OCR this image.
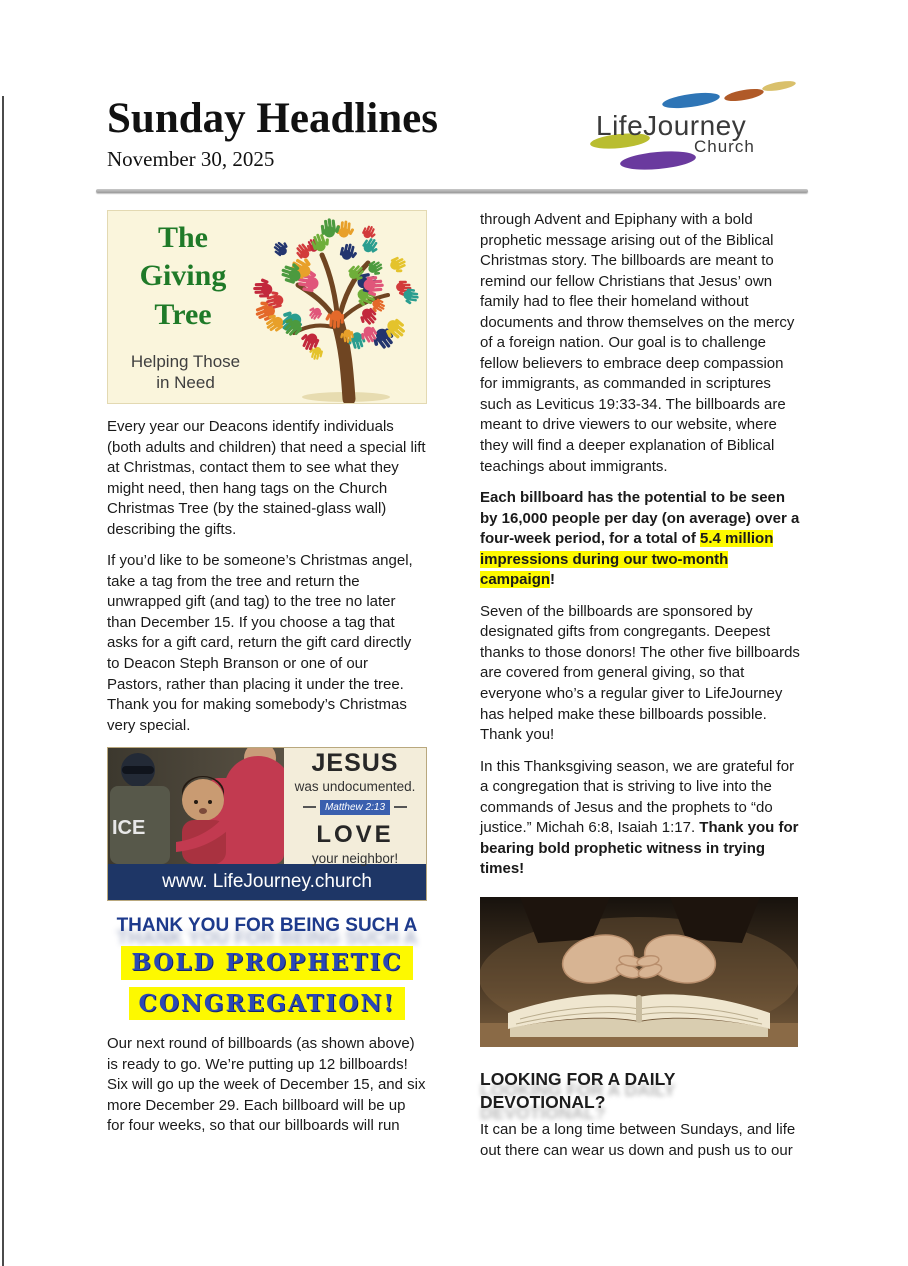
Sunday Headlines
November 30, 2025
LifeJourney
Church
The
Giving
Tree
Helping Those
in Need

Every year our Deacons identify individuals (both adults and children) that need a special lift at Christmas, contact them to see what they might need, then hang tags on the Church Christmas Tree (by the stained-glass wall) describing the gifts.

If you’d like to be someone’s Christmas angel, take a tag from the tree and return the unwrapped gift (and tag) to the tree no later than December 15. If you choose a tag that asks for a gift card, return the gift card directly to Deacon Steph Branson or one of our Pastors, rather than placing it under the tree. Thank you for making somebody’s Christmas very special.

ICE
JESUS
was undocumented.
Matthew 2:13
LOVE
your neighbor!
www. LifeJourney.church
THANK YOU FOR BEING SUCH A
BOLD PROPHETIC
CONGREGATION!

Our next round of billboards (as shown above) is ready to go. We’re putting up 12 billboards! Six will go up the week of December 15, and six more December 29. Each billboard will be up for four weeks, so that our billboards will run

through Advent and Epiphany with a bold prophetic message arising out of the Biblical Christmas story. The billboards are meant to remind our fellow Christians that Jesus’ own family had to flee their homeland without documents and throw themselves on the mercy of a foreign nation. Our goal is to challenge fellow believers to embrace deep compassion for immigrants, as commanded in scriptures such as Leviticus 19:33-34. The billboards are meant to drive viewers to our website, where they will find a deeper explanation of Biblical teachings about immigrants.

Each billboard has the potential to be seen by 16,000 people per day (on average) over a four-week period, for a total of 5.4 million impressions during our two-month campaign!

Seven of the billboards are sponsored by designated gifts from congregants. Deepest thanks to those donors! The other five billboards are covered from general giving, so that everyone who’s a regular giver to LifeJourney has helped make these billboards possible. Thank you!

In this Thanksgiving season, we are grateful for a congregation that is striving to live into the commands of Jesus and the prophets to “do justice.” Michah 6:8, Isaiah 1:17. Thank you for bearing bold prophetic witness in trying times!

LOOKING FOR A DAILY DEVOTIONAL?

It can be a long time between Sundays, and life out there can wear us down and push us to our
